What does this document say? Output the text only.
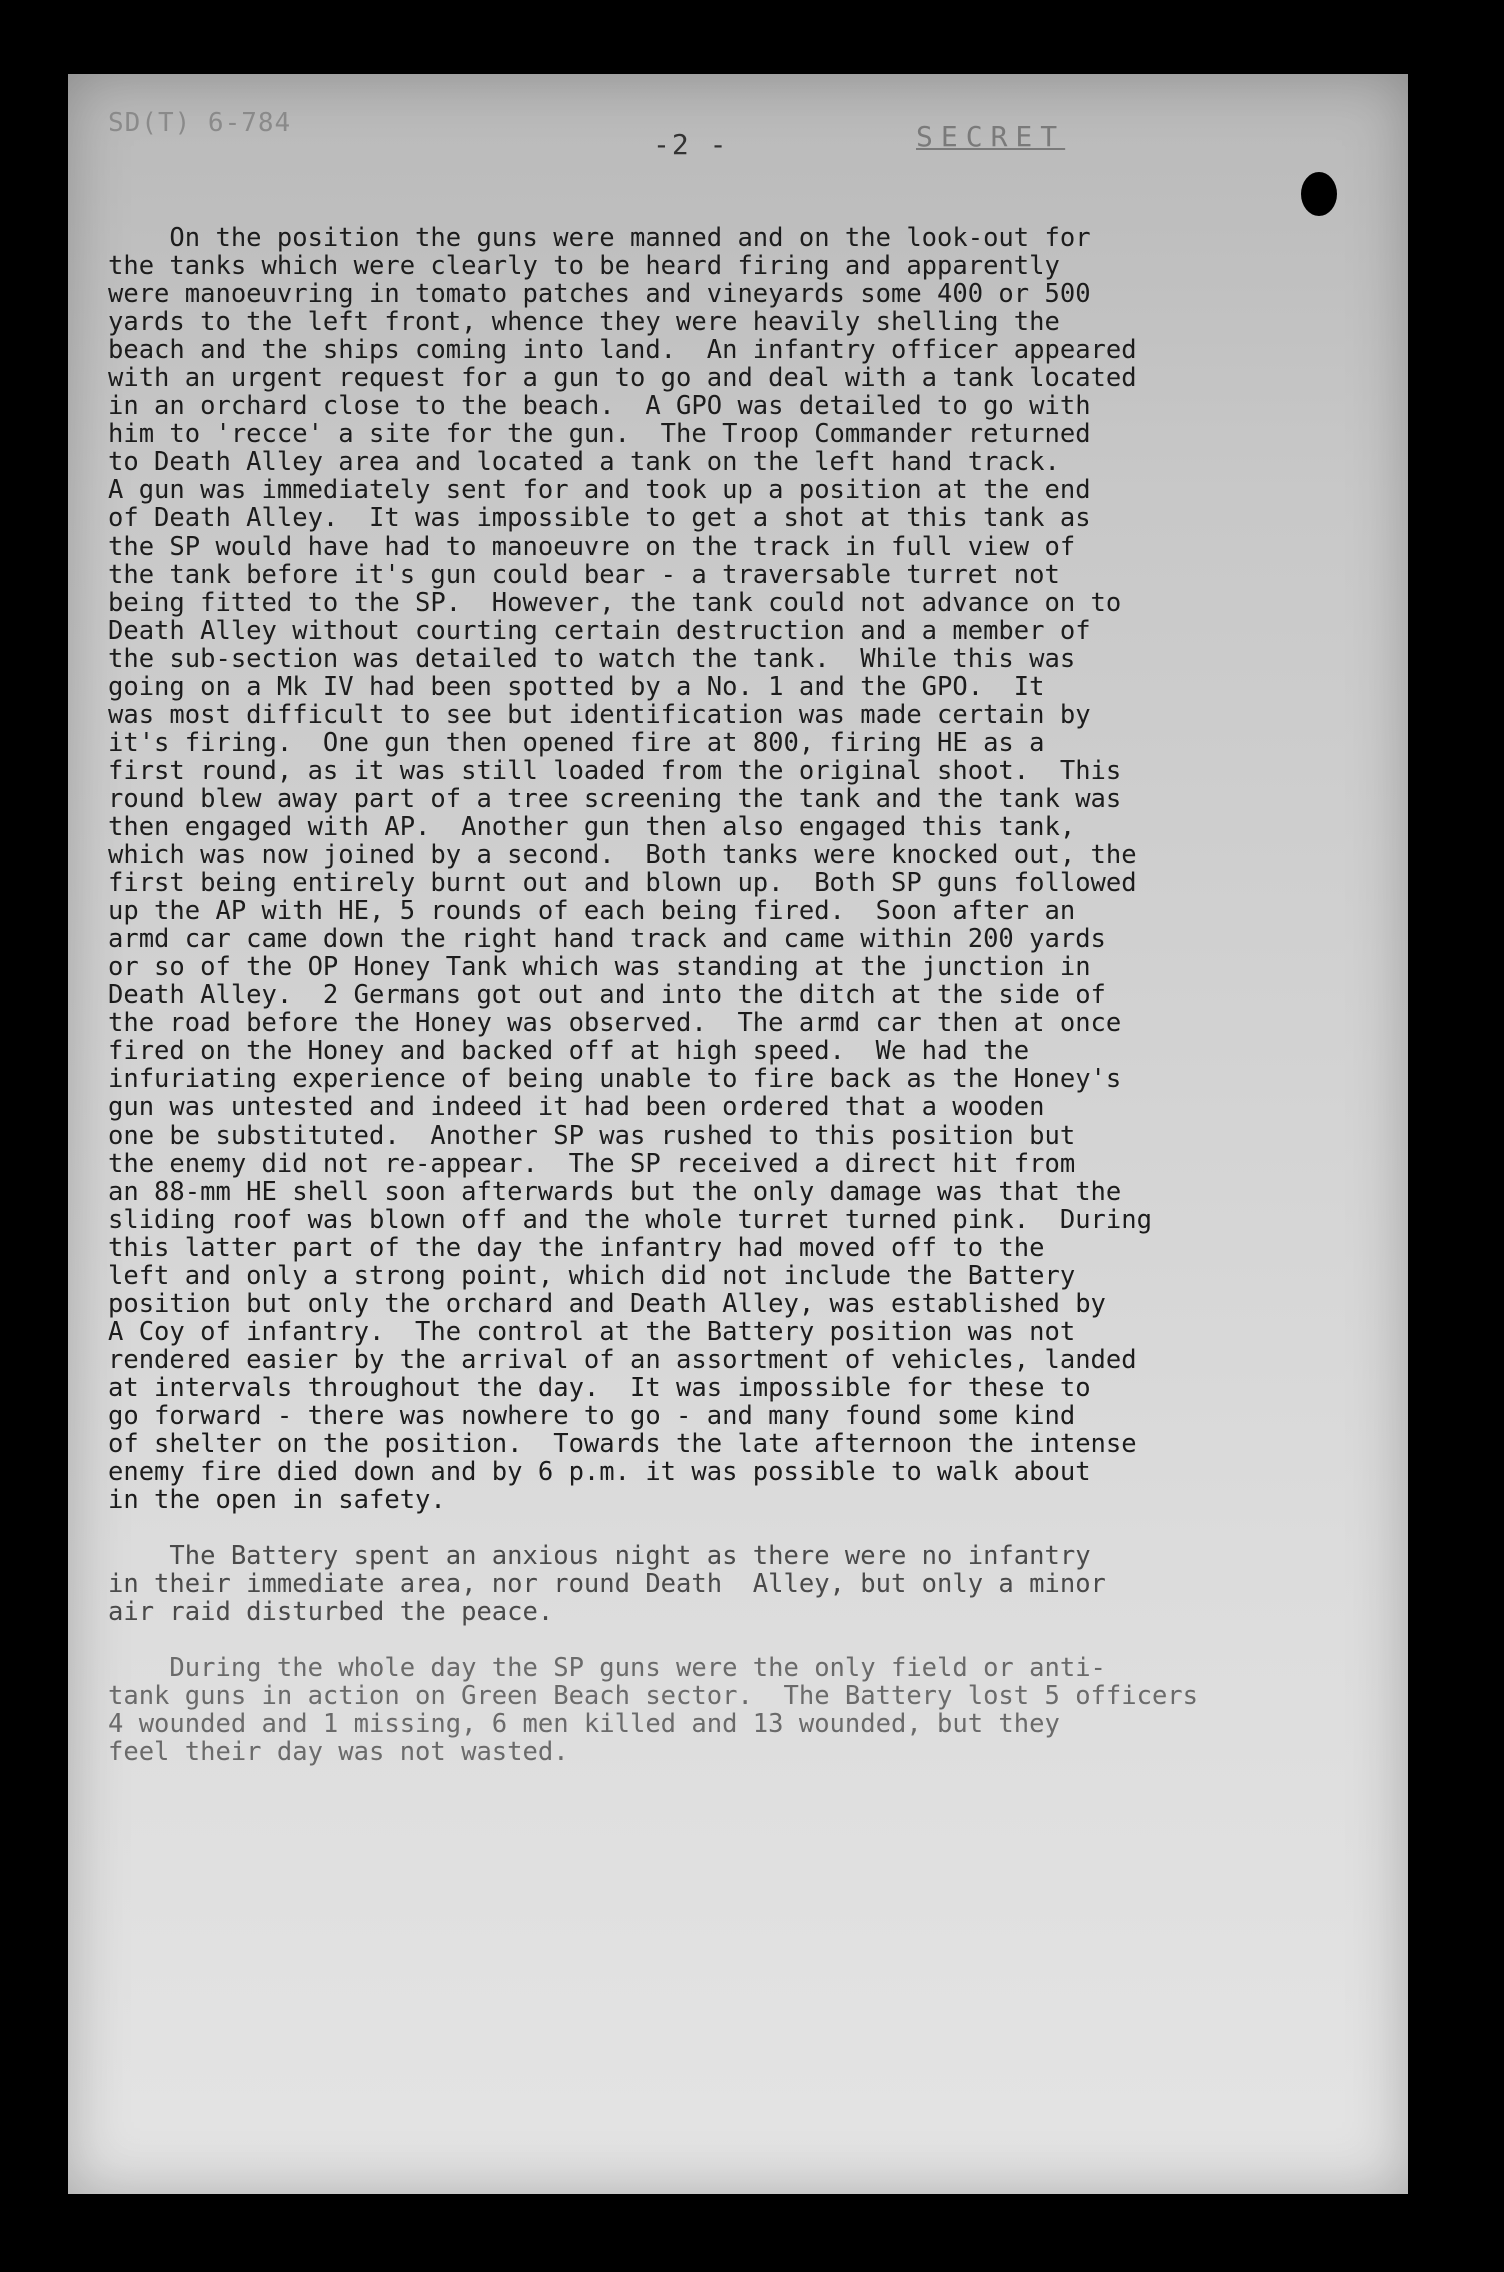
SD(T) 6-784
-2 -	SECRET
On the position the guns were manned and on the look-out for
the tanks which were clearly to be heard firing and apparently
were manoeuvring in tomato patches and vineyards some 400 or 500
yards to the left front, whence they were heavily shelling the
beach and the ships coming into land.  An infantry officer appeared
with an urgent request for a gun to go and deal with a tank located
in an orchard close to the beach.  A GPO was detailed to go with
him to 'recce' a site for the gun.  The Troop Commander returned
to Death Alley area and located a tank on the left hand track.
A gun was immediately sent for and took up a position at the end
of Death Alley.  It was impossible to get a shot at this tank as
the SP would have had to manoeuvre on the track in full view of
the tank before it's gun could bear - a traversable turret not
being fitted to the SP.  However, the tank could not advance on to
Death Alley without courting certain destruction and a member of
the sub-section was detailed to watch the tank.  While this was
going on a Mk IV had been spotted by a No. 1 and the GPO.  It
was most difficult to see but identification was made certain by
it's firing.  One gun then opened fire at 800, firing HE as a
first round, as it was still loaded from the original shoot.  This
round blew away part of a tree screening the tank and the tank was
then engaged with AP.  Another gun then also engaged this tank,
which was now joined by a second.  Both tanks were knocked out, the
first being entirely burnt out and blown up.  Both SP guns followed
up the AP with HE, 5 rounds of each being fired.  Soon after an
armd car came down the right hand track and came within 200 yards
or so of the OP Honey Tank which was standing at the junction in
Death Alley.  2 Germans got out and into the ditch at the side of
the road before the Honey was observed.  The armd car then at once
fired on the Honey and backed off at high speed.  We had the
infuriating experience of being unable to fire back as the Honey's
gun was untested and indeed it had been ordered that a wooden
one be substituted.  Another SP was rushed to this position but
the enemy did not re-appear.  The SP received a direct hit from
an 88-mm HE shell soon afterwards but the only damage was that the
sliding roof was blown off and the whole turret turned pink.  During
this latter part of the day the infantry had moved off to the
left and only a strong point, which did not include the Battery
position but only the orchard and Death Alley, was established by
A Coy of infantry.  The control at the Battery position was not
rendered easier by the arrival of an assortment of vehicles, landed
at intervals throughout the day.  It was impossible for these to
go forward - there was nowhere to go - and many found some kind
of shelter on the position.  Towards the late afternoon the intense
enemy fire died down and by 6 p.m. it was possible to walk about
in the open in safety.
The Battery spent an anxious night as there were no infantry
in their immediate area, nor round Death  Alley, but only a minor
air raid disturbed the peace.
During the whole day the SP guns were the only field or anti-
tank guns in action on Green Beach sector.  The Battery lost 5 officers
4 wounded and 1 missing, 6 men killed and 13 wounded, but they
feel their day was not wasted.
